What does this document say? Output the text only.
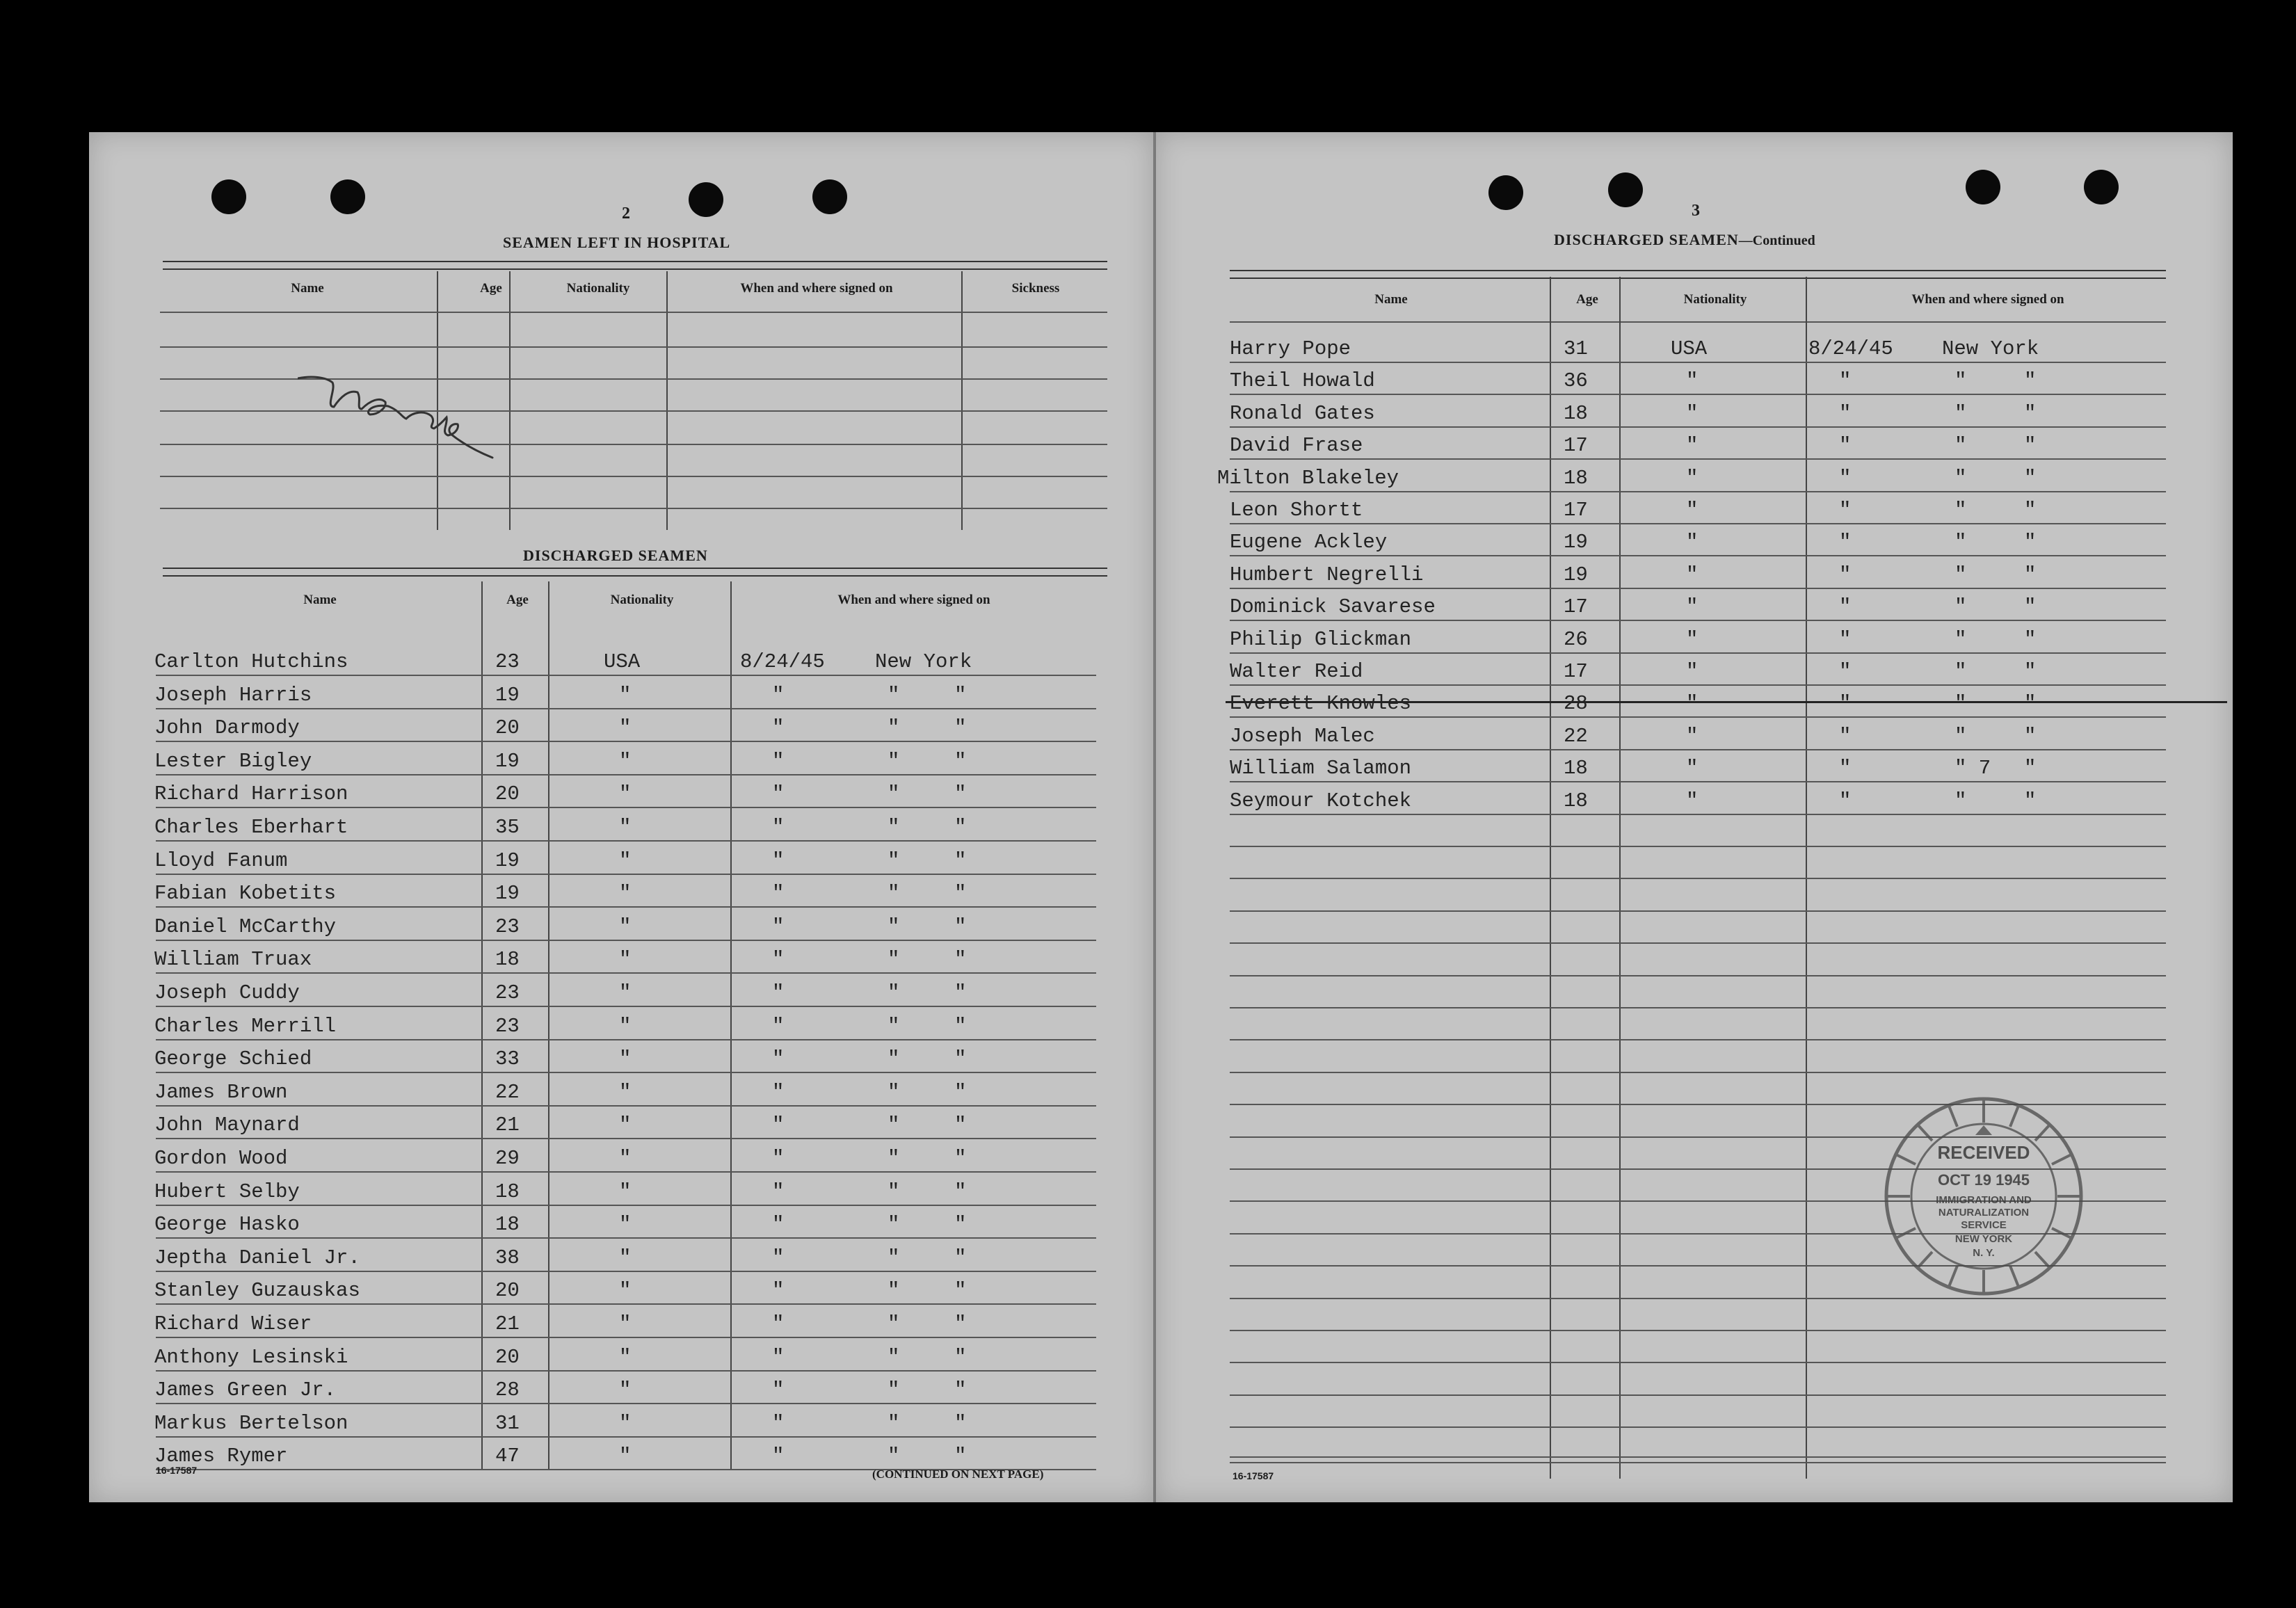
2
SEAMEN LEFT IN HOSPITAL
Name	Age	Nationality	When and where signed on	Sickness
DISCHARGED SEAMEN
Name	Age	Nationality	When and where signed on
Carlton Hutchins	23	USA	8/24/45 New York
Joseph Harris	19	"	"	"	"
John Darmody	20	"	"	"	"
Lester Bigley	19	"	"	"	"
Richard Harrison	20	"	"	"	"
Charles Eberhart	35	"	"	"	"
Lloyd Fanum	19	"	"	"	"
Fabian Kobetits	19	"	"	"	"
Daniel McCarthy	23	"	"	"	"
William Truax	18	"	"	"	"
Joseph Cuddy	23	"	"	"	"
Charles Merrill	23	"	"	"	"
George Schied	33	"	"	"	"
James Brown	22	"	"	"	"
John Maynard	21	"	"	"	"
Gordon Wood	29	"	"	"	"
Hubert Selby	18	"	"	"	"
George Hasko	18	"	"	"	"
Jeptha Daniel Jr.	38	"	"	"	"
Stanley Guzauskas	20	"	"	"	"
Richard Wiser	21	"	"	"	"
Anthony Lesinski	20	"	"	"	"
James Green Jr.	28	"	"	"	"
Markus Bertelson	31	"	"	"	"
James Rymer	47	"	"	"	"
16-17587	(CONTINUED ON NEXT PAGE)
3
DISCHARGED SEAMEN—Continued
Name	Age	Nationality	When and where signed on
Harry Pope	31	USA	8/24/45 New York
Theil Howald	36	"	"	"	"
Ronald Gates	18	"	"	"	"
David Frase	17	"	"	"	"
Milton Blakeley	18	"	"	"	"
Leon Shortt	17	"	"	"	"
Eugene Ackley	19	"	"	"	"
Humbert Negrelli	19	"	"	"	"
Dominick Savarese	17	"	"	"	"
Philip Glickman	26	"	"	"	"
Walter Reid	17	"	"	"	"
Everett Knowles	28	"	"	"	"
Joseph Malec	22	"	"	"	"
William Salamon	18	"	"	" 7 "
Seymour Kotchek	18	"	"	"	"
RECEIVED
OCT 19 1945
IMMIGRATION AND
NATURALIZATION
SERVICE
NEW YORK
N. Y.
16-17587
